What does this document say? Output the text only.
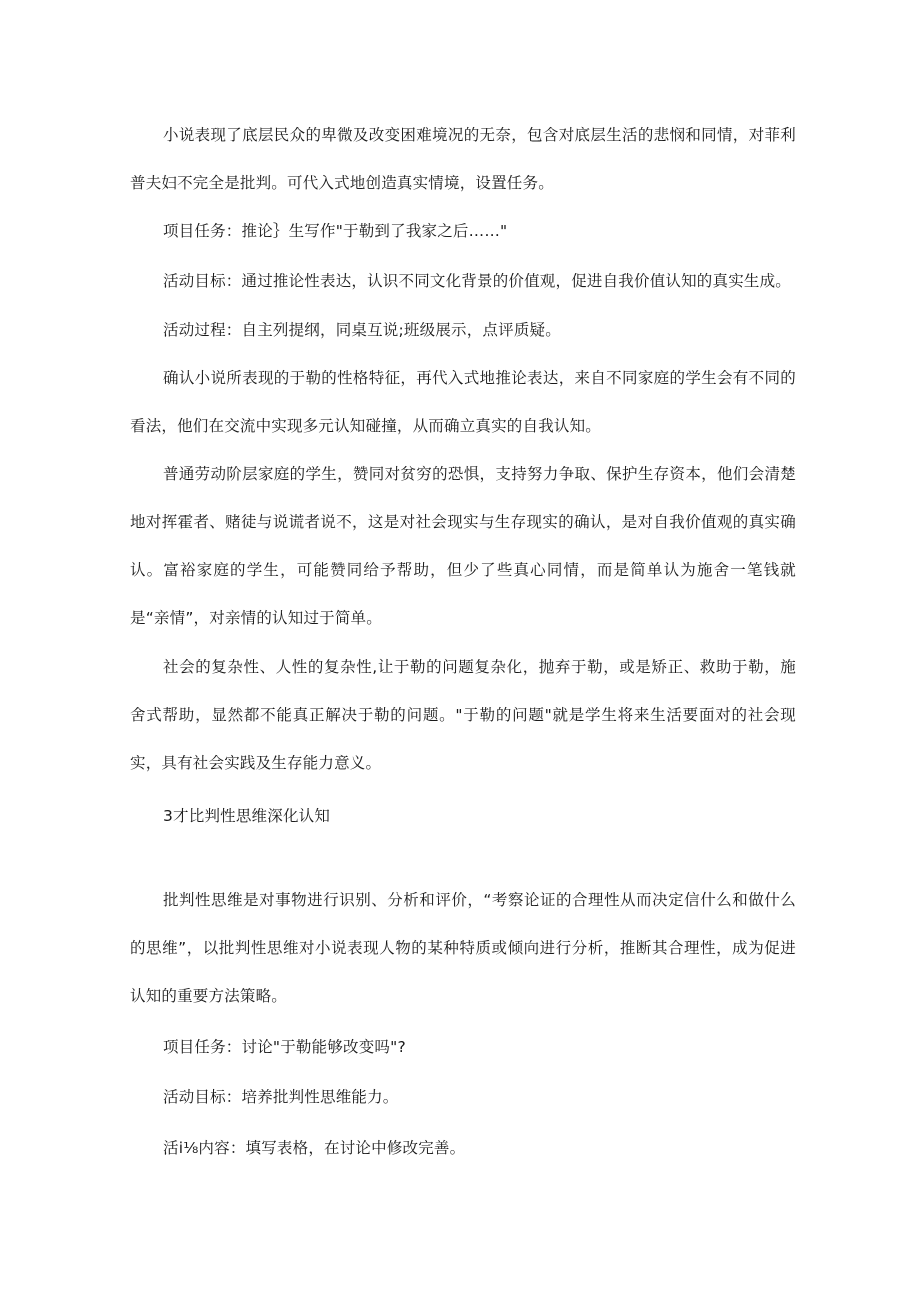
小说表现了底层民众的卑微及改变困难境况的无奈，包含对底层生活的悲悯和同情，对菲利普夫妇不完全是批判。可代入式地创造真实情境，设置任务。

项目任务：推论｝生写作"于勒到了我家之后……"

活动目标：通过推论性表达，认识不同文化背景的价值观，促进自我价值认知的真实生成。

活动过程：自主列提纲，同桌互说;班级展示，点评质疑。

确认小说所表现的于勒的性格特征，再代入式地推论表达，来自不同家庭的学生会有不同的看法，他们在交流中实现多元认知碰撞，从而确立真实的自我认知。

普通劳动阶层家庭的学生，赞同对贫穷的恐惧，支持努力争取、保护生存资本，他们会清楚地对挥霍者、赌徒与说谎者说不，这是对社会现实与生存现实的确认，是对自我价值观的真实确认。富裕家庭的学生，可能赞同给予帮助，但少了些真心同情，而是简单认为施舍一笔钱就是“亲情”，对亲情的认知过于简单。

社会的复杂性、人性的复杂性,让于勒的问题复杂化，抛弃于勒，或是矫正、救助于勒，施舍式帮助，显然都不能真正解决于勒的问题。"于勒的问题"就是学生将来生活要面对的社会现实，具有社会实践及生存能力意义。

3才比判性思维深化认知

批判性思维是对事物进行识别、分析和评价，“考察论证的合理性从而决定信什么和做什么的思维”，以批判性思维对小说表现人物的某种特质或倾向进行分析，推断其合理性，成为促进认知的重要方法策略。

项目任务：讨论"于勒能够改变吗"?

活动目标：培养批判性思维能力。

活i⅛内容：填写表格，在讨论中修改完善。
